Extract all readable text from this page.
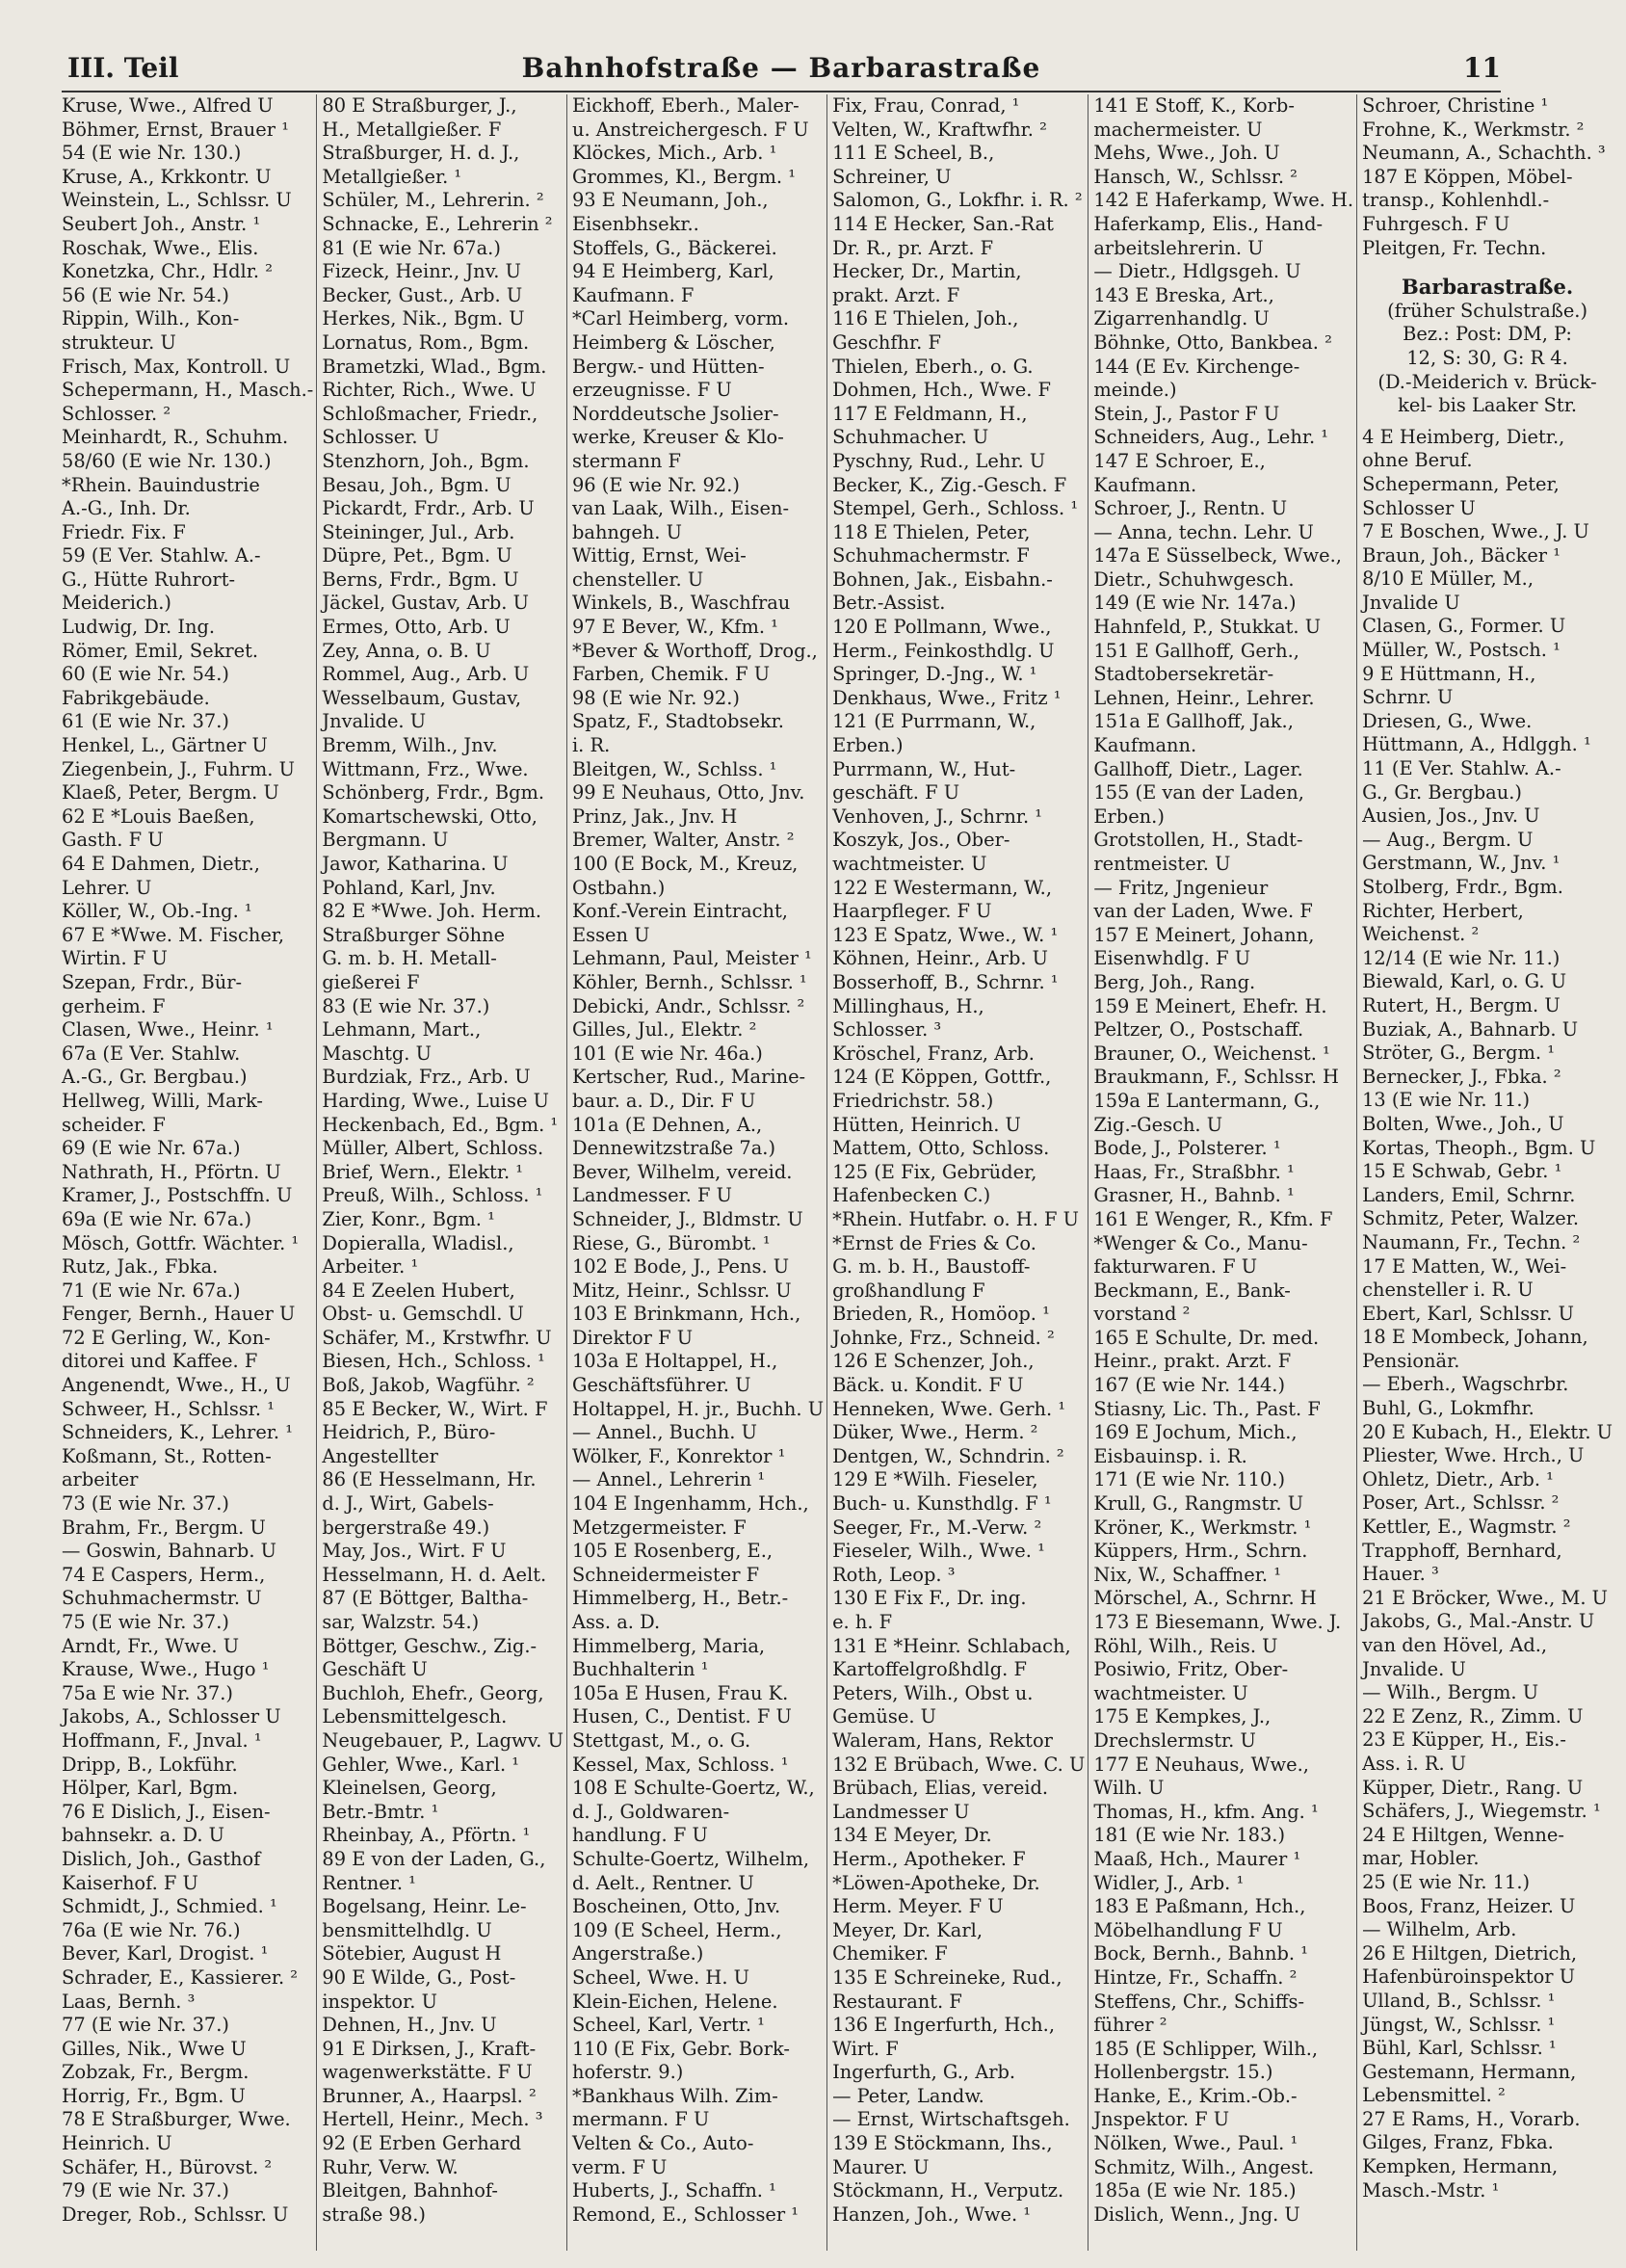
III. Teil	Bahnhofstraße — Barbarastraße	11
Kruse, Wwe., Alfred U
Böhmer, Ernst, Brauer ¹
54 (E wie Nr. 130.)
Kruse, A., Krkkontr. U
Weinstein, L., Schlssr. U
Seubert Joh., Anstr. ¹
Roschak, Wwe., Elis.
Konetzka, Chr., Hdlr. ²
56 (E wie Nr. 54.)
Rippin, Wilh., Kon-
strukteur. U
Frisch, Max, Kontroll. U
Schepermann, H., Masch.-
Schlosser. ²
Meinhardt, R., Schuhm.
58/60 (E wie Nr. 130.)
*Rhein. Bauindustrie
A.-G., Inh. Dr.
Friedr. Fix. F
59 (E Ver. Stahlw. A.-
G., Hütte Ruhrort-
Meiderich.)
Ludwig, Dr. Ing.
Römer, Emil, Sekret.
60 (E wie Nr. 54.)
Fabrikgebäude.
61 (E wie Nr. 37.)
Henkel, L., Gärtner U
Ziegenbein, J., Fuhrm. U
Klaeß, Peter, Bergm. U
62 E *Louis Baeßen,
Gasth. F U
64 E Dahmen, Dietr.,
Lehrer. U
Köller, W., Ob.-Ing. ¹
67 E *Wwe. M. Fischer,
Wirtin. F U
Szepan, Frdr., Bür-
gerheim. F
Clasen, Wwe., Heinr. ¹
67a (E Ver. Stahlw.
A.-G., Gr. Bergbau.)
Hellweg, Willi, Mark-
scheider. F
69 (E wie Nr. 67a.)
Nathrath, H., Pförtn. U
Kramer, J., Postschffn. U
69a (E wie Nr. 67a.)
Mösch, Gottfr. Wächter. ¹
Rutz, Jak., Fbka.
71 (E wie Nr. 67a.)
Fenger, Bernh., Hauer U
72 E Gerling, W., Kon-
ditorei und Kaffee. F
Angenendt, Wwe., H., U
Schweer, H., Schlssr. ¹
Schneiders, K., Lehrer. ¹
Koßmann, St., Rotten-
arbeiter
73 (E wie Nr. 37.)
Brahm, Fr., Bergm. U
— Goswin, Bahnarb. U
74 E Caspers, Herm.,
Schuhmachermstr. U
75 (E wie Nr. 37.)
Arndt, Fr., Wwe. U
Krause, Wwe., Hugo ¹
75a E wie Nr. 37.)
Jakobs, A., Schlosser U
Hoffmann, F., Jnval. ¹
Dripp, B., Lokführ.
Hölper, Karl, Bgm.
76 E Dislich, J., Eisen-
bahnsekr. a. D. U
Dislich, Joh., Gasthof
Kaiserhof. F U
Schmidt, J., Schmied. ¹
76a (E wie Nr. 76.)
Bever, Karl, Drogist. ¹
Schrader, E., Kassierer. ²
Laas, Bernh. ³
77 (E wie Nr. 37.)
Gilles, Nik., Wwe U
Zobzak, Fr., Bergm.
Horrig, Fr., Bgm. U
78 E Straßburger, Wwe.
Heinrich. U
Schäfer, H., Bürovst. ²
79 (E wie Nr. 37.)
Dreger, Rob., Schlssr. U
80 E Straßburger, J.,
H., Metallgießer. F
Straßburger, H. d. J.,
Metallgießer. ¹
Schüler, M., Lehrerin. ²
Schnacke, E., Lehrerin ²
81 (E wie Nr. 67a.)
Fizeck, Heinr., Jnv. U
Becker, Gust., Arb. U
Herkes, Nik., Bgm. U
Lornatus, Rom., Bgm.
Brametzki, Wlad., Bgm.
Richter, Rich., Wwe. U
Schloßmacher, Friedr.,
Schlosser. U
Stenzhorn, Joh., Bgm.
Besau, Joh., Bgm. U
Pickardt, Frdr., Arb. U
Steininger, Jul., Arb.
Düpre, Pet., Bgm. U
Berns, Frdr., Bgm. U
Jäckel, Gustav, Arb. U
Ermes, Otto, Arb. U
Zey, Anna, o. B. U
Rommel, Aug., Arb. U
Wesselbaum, Gustav,
Jnvalide. U
Bremm, Wilh., Jnv.
Wittmann, Frz., Wwe.
Schönberg, Frdr., Bgm.
Komartschewski, Otto,
Bergmann. U
Jawor, Katharina. U
Pohland, Karl, Jnv.
82 E *Wwe. Joh. Herm.
Straßburger Söhne
G. m. b. H. Metall-
gießerei F
83 (E wie Nr. 37.)
Lehmann, Mart.,
Maschtg. U
Burdziak, Frz., Arb. U
Harding, Wwe., Luise U
Heckenbach, Ed., Bgm. ¹
Müller, Albert, Schloss.
Brief, Wern., Elektr. ¹
Preuß, Wilh., Schloss. ¹
Zier, Konr., Bgm. ¹
Dopieralla, Wladisl.,
Arbeiter. ¹
84 E Zeelen Hubert,
Obst- u. Gemschdl. U
Schäfer, M., Krstwfhr. U
Biesen, Hch., Schloss. ¹
Boß, Jakob, Wagführ. ²
85 E Becker, W., Wirt. F
Heidrich, P., Büro-
Angestellter
86 (E Hesselmann, Hr.
d. J., Wirt, Gabels-
bergerstraße 49.)
May, Jos., Wirt. F U
Hesselmann, H. d. Aelt.
87 (E Böttger, Baltha-
sar, Walzstr. 54.)
Böttger, Geschw., Zig.-
Geschäft U
Buchloh, Ehefr., Georg,
Lebensmittelgesch.
Neugebauer, P., Lagwv. U
Gehler, Wwe., Karl. ¹
Kleinelsen, Georg,
Betr.-Bmtr. ¹
Rheinbay, A., Pförtn. ¹
89 E von der Laden, G.,
Rentner. ¹
Bogelsang, Heinr. Le-
bensmittelhdlg. U
Sötebier, August H
90 E Wilde, G., Post-
inspektor. U
Dehnen, H., Jnv. U
91 E Dirksen, J., Kraft-
wagenwerkstätte. F U
Brunner, A., Haarpsl. ²
Hertell, Heinr., Mech. ³
92 (E Erben Gerhard
Ruhr, Verw. W.
Bleitgen, Bahnhof-
straße 98.)
Eickhoff, Eberh., Maler-
u. Anstreichergesch. F U
Klöckes, Mich., Arb. ¹
Grommes, Kl., Bergm. ¹
93 E Neumann, Joh.,
Eisenbhsekr..
Stoffels, G., Bäckerei.
94 E Heimberg, Karl,
Kaufmann. F
*Carl Heimberg, vorm.
Heimberg & Löscher,
Bergw.- und Hütten-
erzeugnisse. F U
Norddeutsche Jsolier-
werke, Kreuser & Klo-
stermann F
96 (E wie Nr. 92.)
van Laak, Wilh., Eisen-
bahngeh. U
Wittig, Ernst, Wei-
chensteller. U
Winkels, B., Waschfrau
97 E Bever, W., Kfm. ¹
*Bever & Worthoff, Drog.,
Farben, Chemik. F U
98 (E wie Nr. 92.)
Spatz, F., Stadtobsekr.
i. R.
Bleitgen, W., Schlss. ¹
99 E Neuhaus, Otto, Jnv.
Prinz, Jak., Jnv. H
Bremer, Walter, Anstr. ²
100 (E Bock, M., Kreuz,
Ostbahn.)
Konf.-Verein Eintracht,
Essen U
Lehmann, Paul, Meister ¹
Köhler, Bernh., Schlssr. ¹
Debicki, Andr., Schlssr. ²
Gilles, Jul., Elektr. ²
101 (E wie Nr. 46a.)
Kertscher, Rud., Marine-
baur. a. D., Dir. F U
101a (E Dehnen, A.,
Dennewitzstraße 7a.)
Bever, Wilhelm, vereid.
Landmesser. F U
Schneider, J., Bldmstr. U
Riese, G., Bürombt. ¹
102 E Bode, J., Pens. U
Mitz, Heinr., Schlssr. U
103 E Brinkmann, Hch.,
Direktor F U
103a E Holtappel, H.,
Geschäftsführer. U
Holtappel, H. jr., Buchh. U
— Annel., Buchh. U
Wölker, F., Konrektor ¹
— Annel., Lehrerin ¹
104 E Ingenhamm, Hch.,
Metzgermeister. F
105 E Rosenberg, E.,
Schneidermeister F
Himmelberg, H., Betr.-
Ass. a. D.
Himmelberg, Maria,
Buchhalterin ¹
105a E Husen, Frau K.
Husen, C., Dentist. F U
Stettgast, M., o. G.
Kessel, Max, Schloss. ¹
108 E Schulte-Goertz, W.,
d. J., Goldwaren-
handlung. F U
Schulte-Goertz, Wilhelm,
d. Aelt., Rentner. U
Boscheinen, Otto, Jnv.
109 (E Scheel, Herm.,
Angerstraße.)
Scheel, Wwe. H. U
Klein-Eichen, Helene.
Scheel, Karl, Vertr. ¹
110 (E Fix, Gebr. Bork-
hoferstr. 9.)
*Bankhaus Wilh. Zim-
mermann. F U
Velten & Co., Auto-
verm. F U
Huberts, J., Schaffn. ¹
Remond, E., Schlosser ¹
Fix, Frau, Conrad, ¹
Velten, W., Kraftwfhr. ²
111 E Scheel, B.,
Schreiner, U
Salomon, G., Lokfhr. i. R. ²
114 E Hecker, San.-Rat
Dr. R., pr. Arzt. F
Hecker, Dr., Martin,
prakt. Arzt. F
116 E Thielen, Joh.,
Geschfhr. F
Thielen, Eberh., o. G.
Dohmen, Hch., Wwe. F
117 E Feldmann, H.,
Schuhmacher. U
Pyschny, Rud., Lehr. U
Becker, K., Zig.-Gesch. F
Stempel, Gerh., Schloss. ¹
118 E Thielen, Peter,
Schuhmachermstr. F
Bohnen, Jak., Eisbahn.-
Betr.-Assist.
120 E Pollmann, Wwe.,
Herm., Feinkosthdlg. U
Springer, D.-Jng., W. ¹
Denkhaus, Wwe., Fritz ¹
121 (E Purrmann, W.,
Erben.)
Purrmann, W., Hut-
geschäft. F U
Venhoven, J., Schrnr. ¹
Koszyk, Jos., Ober-
wachtmeister. U
122 E Westermann, W.,
Haarpfleger. F U
123 E Spatz, Wwe., W. ¹
Köhnen, Heinr., Arb. U
Bosserhoff, B., Schrnr. ¹
Millinghaus, H.,
Schlosser. ³
Kröschel, Franz, Arb.
124 (E Köppen, Gottfr.,
Friedrichstr. 58.)
Hütten, Heinrich. U
Mattem, Otto, Schloss.
125 (E Fix, Gebrüder,
Hafenbecken C.)
*Rhein. Hutfabr. o. H. F U
*Ernst de Fries & Co.
G. m. b. H., Baustoff-
großhandlung F
Brieden, R., Homöop. ¹
Johnke, Frz., Schneid. ²
126 E Schenzer, Joh.,
Bäck. u. Kondit. F U
Henneken, Wwe. Gerh. ¹
Düker, Wwe., Herm. ²
Dentgen, W., Schndrin. ²
129 E *Wilh. Fieseler,
Buch- u. Kunsthdlg. F ¹
Seeger, Fr., M.-Verw. ²
Fieseler, Wilh., Wwe. ¹
Roth, Leop. ³
130 E Fix F., Dr. ing.
e. h. F
131 E *Heinr. Schlabach,
Kartoffelgroßhdlg. F
Peters, Wilh., Obst u.
Gemüse. U
Waleram, Hans, Rektor
132 E Brübach, Wwe. C. U
Brübach, Elias, vereid.
Landmesser U
134 E Meyer, Dr.
Herm., Apotheker. F
*Löwen-Apotheke, Dr.
Herm. Meyer. F U
Meyer, Dr. Karl,
Chemiker. F
135 E Schreineke, Rud.,
Restaurant. F
136 E Ingerfurth, Hch.,
Wirt. F
Ingerfurth, G., Arb.
— Peter, Landw.
— Ernst, Wirtschaftsgeh.
139 E Stöckmann, Ihs.,
Maurer. U
Stöckmann, H., Verputz.
Hanzen, Joh., Wwe. ¹
141 E Stoff, K., Korb-
machermeister. U
Mehs, Wwe., Joh. U
Hansch, W., Schlssr. ²
142 E Haferkamp, Wwe. H.
Haferkamp, Elis., Hand-
arbeitslehrerin. U
— Dietr., Hdlgsgeh. U
143 E Breska, Art.,
Zigarrenhandlg. U
Böhnke, Otto, Bankbea. ²
144 (E Ev. Kirchenge-
meinde.)
Stein, J., Pastor F U
Schneiders, Aug., Lehr. ¹
147 E Schroer, E.,
Kaufmann.
Schroer, J., Rentn. U
— Anna, techn. Lehr. U
147a E Süsselbeck, Wwe.,
Dietr., Schuhwgesch.
149 (E wie Nr. 147a.)
Hahnfeld, P., Stukkat. U
151 E Gallhoff, Gerh.,
Stadtobersekretär-
Lehnen, Heinr., Lehrer.
151a E Gallhoff, Jak.,
Kaufmann.
Gallhoff, Dietr., Lager.
155 (E van der Laden,
Erben.)
Grotstollen, H., Stadt-
rentmeister. U
— Fritz, Jngenieur
van der Laden, Wwe. F
157 E Meinert, Johann,
Eisenwhdlg. F U
Berg, Joh., Rang.
159 E Meinert, Ehefr. H.
Peltzer, O., Postschaff.
Brauner, O., Weichenst. ¹
Braukmann, F., Schlssr. H
159a E Lantermann, G.,
Zig.-Gesch. U
Bode, J., Polsterer. ¹
Haas, Fr., Straßbhr. ¹
Grasner, H., Bahnb. ¹
161 E Wenger, R., Kfm. F
*Wenger & Co., Manu-
fakturwaren. F U
Beckmann, E., Bank-
vorstand ²
165 E Schulte, Dr. med.
Heinr., prakt. Arzt. F
167 (E wie Nr. 144.)
Stiasny, Lic. Th., Past. F
169 E Jochum, Mich.,
Eisbauinsp. i. R.
171 (E wie Nr. 110.)
Krull, G., Rangmstr. U
Kröner, K., Werkmstr. ¹
Küppers, Hrm., Schrn.
Nix, W., Schaffner. ¹
Mörschel, A., Schrnr. H
173 E Biesemann, Wwe. J.
Röhl, Wilh., Reis. U
Posiwio, Fritz, Ober-
wachtmeister. U
175 E Kempkes, J.,
Drechslermstr. U
177 E Neuhaus, Wwe.,
Wilh. U
Thomas, H., kfm. Ang. ¹
181 (E wie Nr. 183.)
Maaß, Hch., Maurer ¹
Widler, J., Arb. ¹
183 E Paßmann, Hch.,
Möbelhandlung F U
Bock, Bernh., Bahnb. ¹
Hintze, Fr., Schaffn. ²
Steffens, Chr., Schiffs-
führer ²
185 (E Schlipper, Wilh.,
Hollenbergstr. 15.)
Hanke, E., Krim.-Ob.-
Jnspektor. F U
Nölken, Wwe., Paul. ¹
Schmitz, Wilh., Angest.
185a (E wie Nr. 185.)
Dislich, Wenn., Jng. U
Schroer, Christine ¹
Frohne, K., Werkmstr. ²
Neumann, A., Schachth. ³
187 E Köppen, Möbel-
transp., Kohlenhdl.-
Fuhrgesch. F U
Pleitgen, Fr. Techn.
Barbarastraße.
(früher Schulstraße.)
Bez.: Post: DM, P:
12, S: 30, G: R 4.
(D.-Meiderich v. Brück-
kel- bis Laaker Str.
4 E Heimberg, Dietr.,
ohne Beruf.
Schepermann, Peter,
Schlosser U
7 E Boschen, Wwe., J. U
Braun, Joh., Bäcker ¹
8/10 E Müller, M.,
Jnvalide U
Clasen, G., Former. U
Müller, W., Postsch. ¹
9 E Hüttmann, H.,
Schrnr. U
Driesen, G., Wwe.
Hüttmann, A., Hdlggh. ¹
11 (E Ver. Stahlw. A.-
G., Gr. Bergbau.)
Ausien, Jos., Jnv. U
— Aug., Bergm. U
Gerstmann, W., Jnv. ¹
Stolberg, Frdr., Bgm.
Richter, Herbert,
Weichenst. ²
12/14 (E wie Nr. 11.)
Biewald, Karl, o. G. U
Rutert, H., Bergm. U
Buziak, A., Bahnarb. U
Ströter, G., Bergm. ¹
Bernecker, J., Fbka. ²
13 (E wie Nr. 11.)
Bolten, Wwe., Joh., U
Kortas, Theoph., Bgm. U
15 E Schwab, Gebr. ¹
Landers, Emil, Schrnr.
Schmitz, Peter, Walzer.
Naumann, Fr., Techn. ²
17 E Matten, W., Wei-
chensteller i. R. U
Ebert, Karl, Schlssr. U
18 E Mombeck, Johann,
Pensionär.
— Eberh., Wagschrbr.
Buhl, G., Lokmfhr.
20 E Kubach, H., Elektr. U
Pliester, Wwe. Hrch., U
Ohletz, Dietr., Arb. ¹
Poser, Art., Schlssr. ²
Kettler, E., Wagmstr. ²
Trapphoff, Bernhard,
Hauer. ³
21 E Bröcker, Wwe., M. U
Jakobs, G., Mal.-Anstr. U
van den Hövel, Ad.,
Jnvalide. U
— Wilh., Bergm. U
22 E Zenz, R., Zimm. U
23 E Küpper, H., Eis.-
Ass. i. R. U
Küpper, Dietr., Rang. U
Schäfers, J., Wiegemstr. ¹
24 E Hiltgen, Wenne-
mar, Hobler.
25 (E wie Nr. 11.)
Boos, Franz, Heizer. U
— Wilhelm, Arb.
26 E Hiltgen, Dietrich,
Hafenbüroinspektor U
Ulland, B., Schlssr. ¹
Jüngst, W., Schlssr. ¹
Bühl, Karl, Schlssr. ¹
Gestemann, Hermann,
Lebensmittel. ²
27 E Rams, H., Vorarb.
Gilges, Franz, Fbka.
Kempken, Hermann,
Masch.-Mstr. ¹
